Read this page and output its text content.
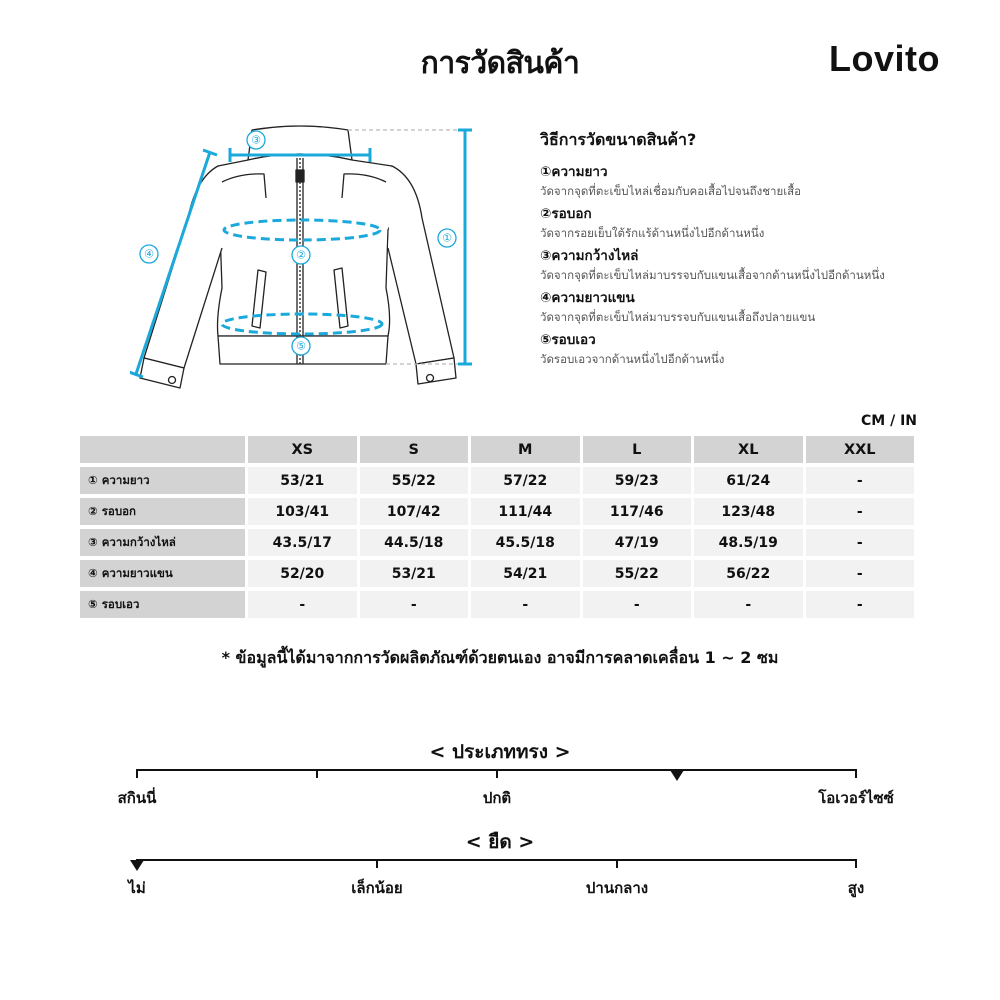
การวัดสินค้า	Lovito
①
②
③
④
⑤
วิธีการวัดขนาดสินค้า?
①ความยาว
วัดจากจุดที่ตะเข็บไหล่เชื่อมกับคอเสื้อไปจนถึงชายเสื้อ
②รอบอก
วัดจากรอยเย็บใต้รักแร้ด้านหนึ่งไปอีกด้านหนึ่ง
③ความกว้างไหล่
วัดจากจุดที่ตะเข็บไหล่มาบรรจบกับแขนเสื้อจากด้านหนึ่งไปอีกด้านหนึ่ง
④ความยาวแขน
วัดจากจุดที่ตะเข็บไหล่มาบรรจบกับแขนเสื้อถึงปลายแขน
⑤รอบเอว
วัดรอบเอวจากด้านหนึ่งไปอีกด้านหนึ่ง
CM / IN
	XS	S	M	L	XL	XXL
① ความยาว	53/21	55/22	57/22	59/23	61/24	-
② รอบอก	103/41	107/42	111/44	117/46	123/48	-
③ ความกว้างไหล่	43.5/17	44.5/18	45.5/18	47/19	48.5/19	-
④ ความยาวแขน	52/20	53/21	54/21	55/22	56/22	-
⑤ รอบเอว	-	-	-	-	-	-
* ข้อมูลนี้ได้มาจากการวัดผลิตภัณฑ์ด้วยตนเอง อาจมีการคลาดเคลื่อน 1 ~ 2 ซม
< ประเภททรง >
สกินนี่	ปกติ	โอเวอร์ไซซ์
< ยืด >
ไม่	เล็กน้อย	ปานกลาง	สูง
